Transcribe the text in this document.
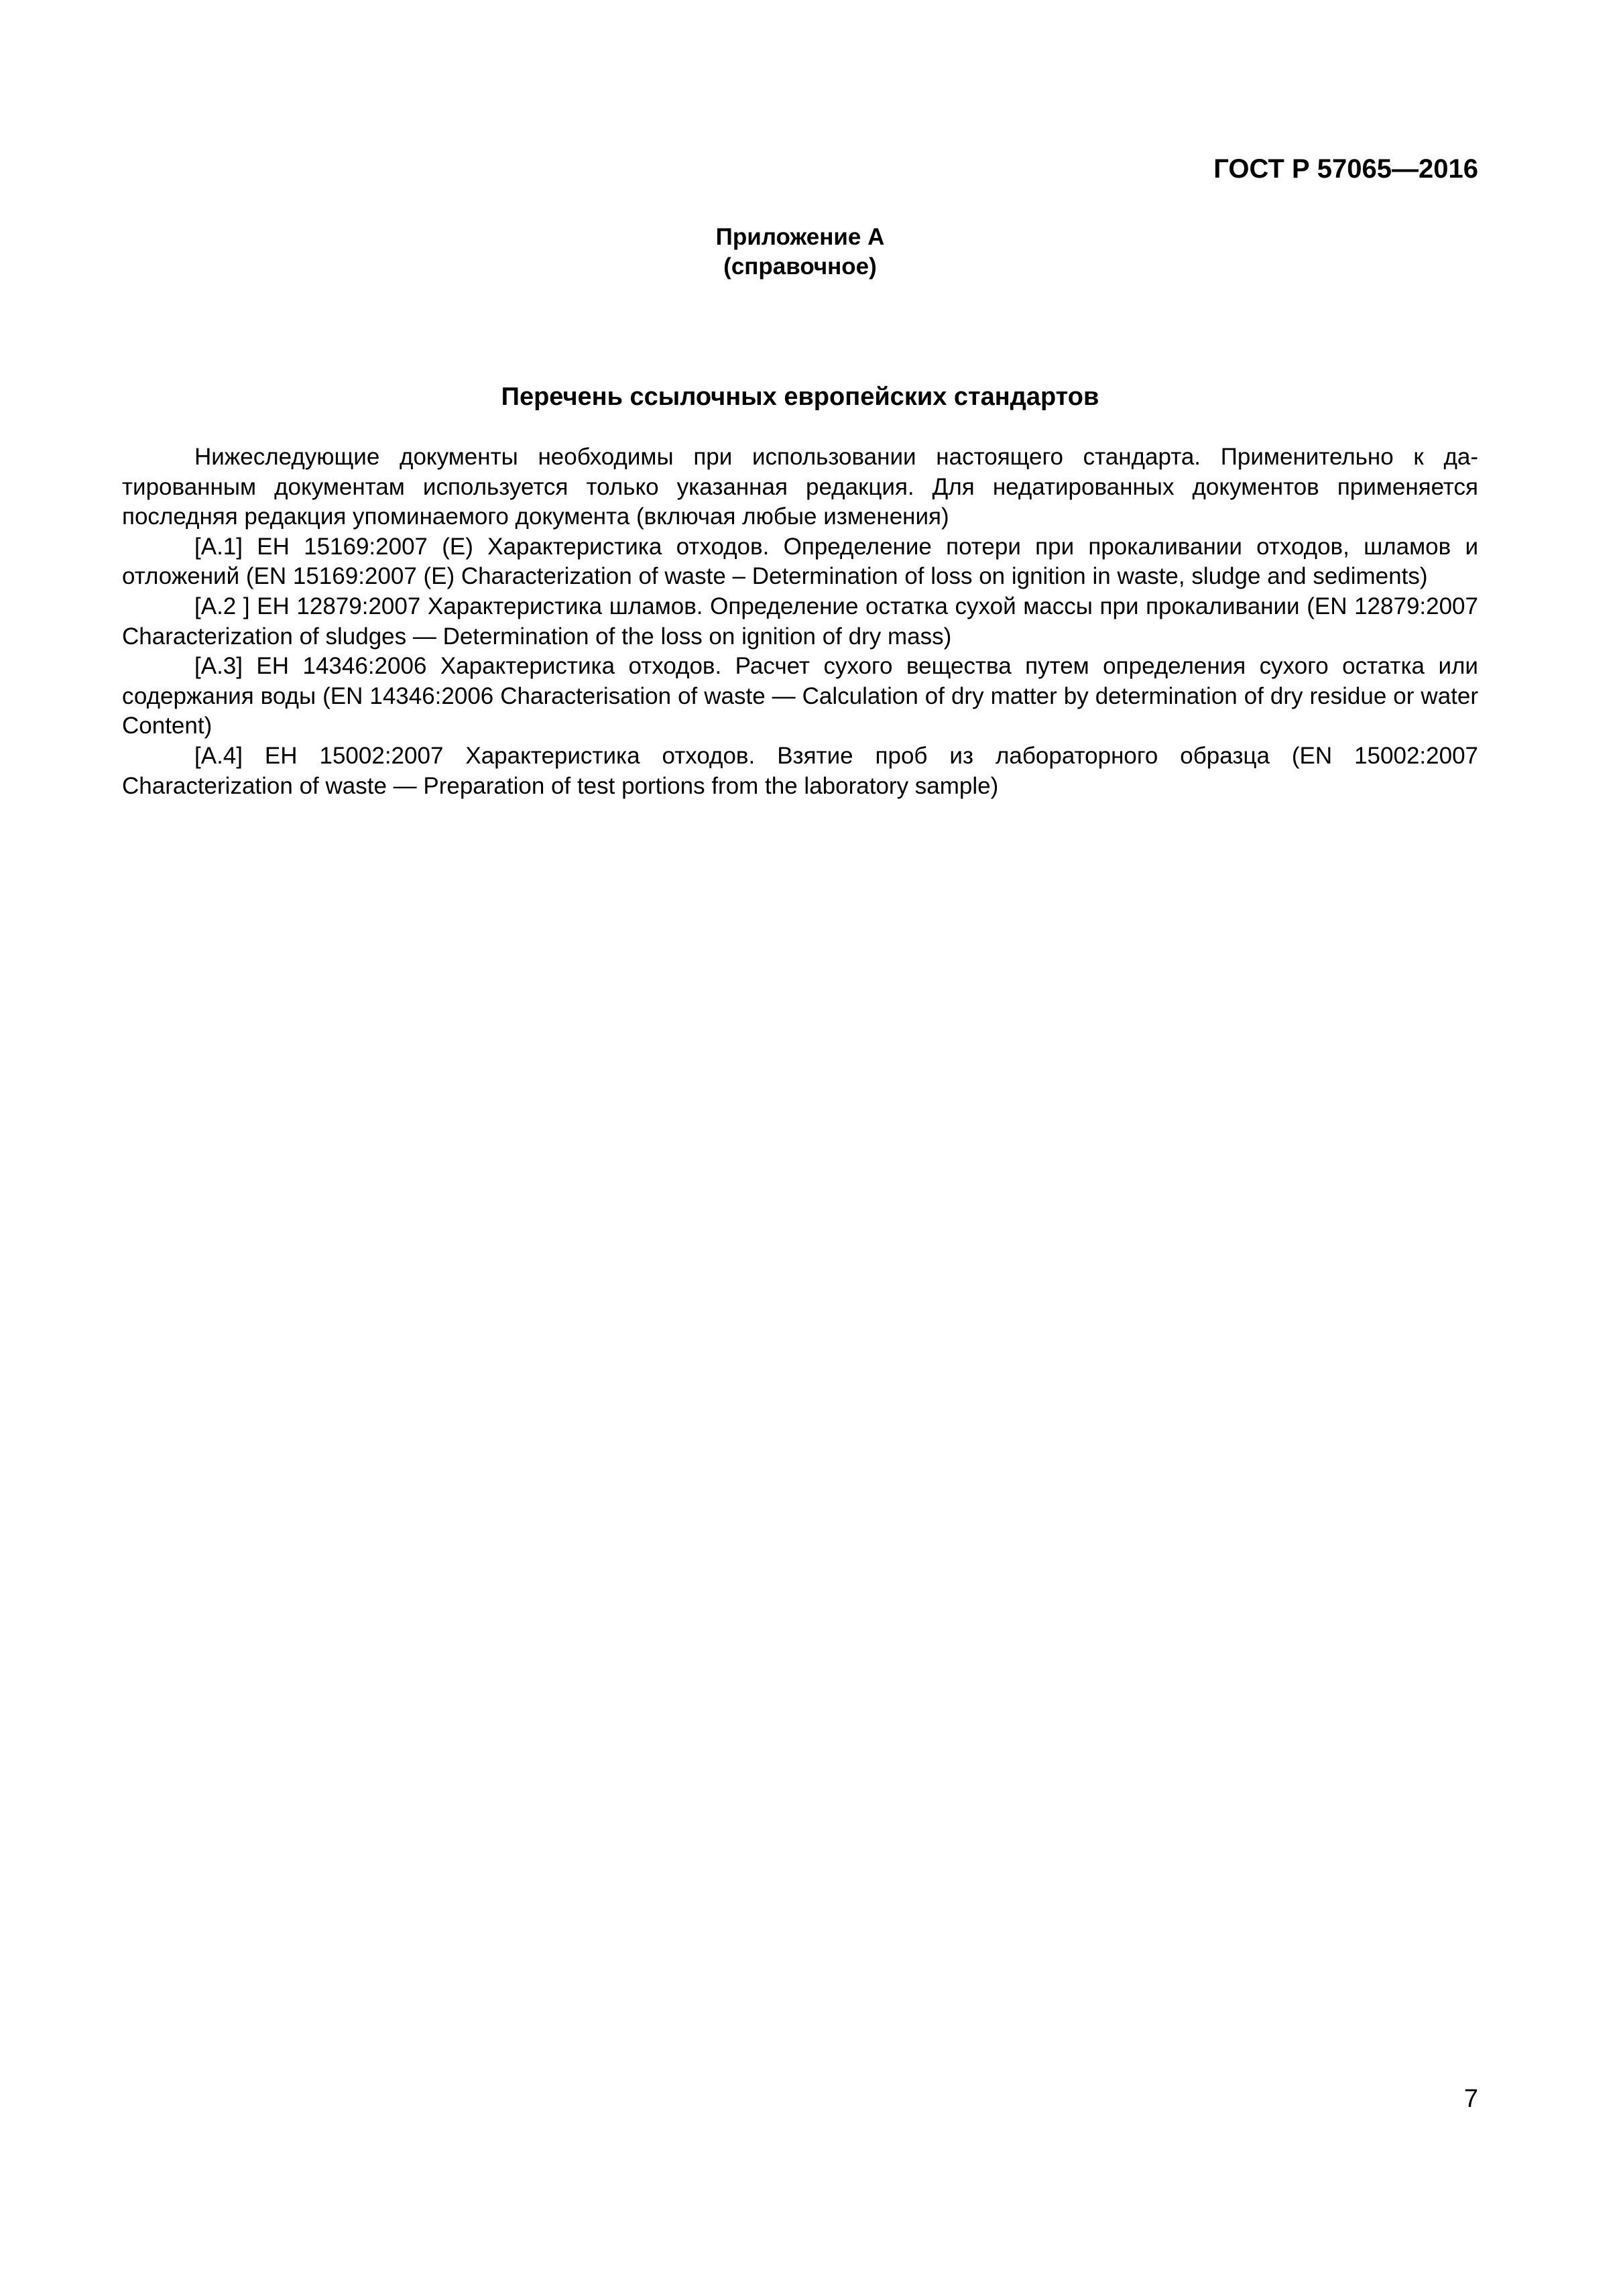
ГОСТ Р 57065—2016
Приложение А
(справочное)
Перечень ссылочных европейских стандартов

Нижеследующие документы необходимы при использовании настоящего стандарта. Применительно к датированным документам используется только указанная редакция. Для недатированных документов применяется последняя редакция упоминаемого документа (включая любые изменения)

[А.1] ЕН 15169:2007 (Е) Характеристика отходов. Определение потери при прокаливании отходов, шламов и отложений (EN 15169:2007 (E) Characterization of waste – Determination of loss on ignition in waste, sludge and sediments)

[А.2 ] ЕН 12879:2007 Характеристика шламов. Определение остатка сухой массы при прокаливании (EN 12879:2007 Characterization of sludges — Determination of the loss on ignition of dry mass)

[А.3] ЕН 14346:2006 Характеристика отходов. Расчет сухого вещества путем определения сухого остатка или содержания воды (EN 14346:2006 Characterisation of waste — Calculation of dry matter by determination of dry residue or water Content)

[А.4] ЕН 15002:2007 Характеристика отходов. Взятие проб из лабораторного образца (EN 15002:2007 Characterization of waste — Preparation of test portions from the laboratory sample)

7
